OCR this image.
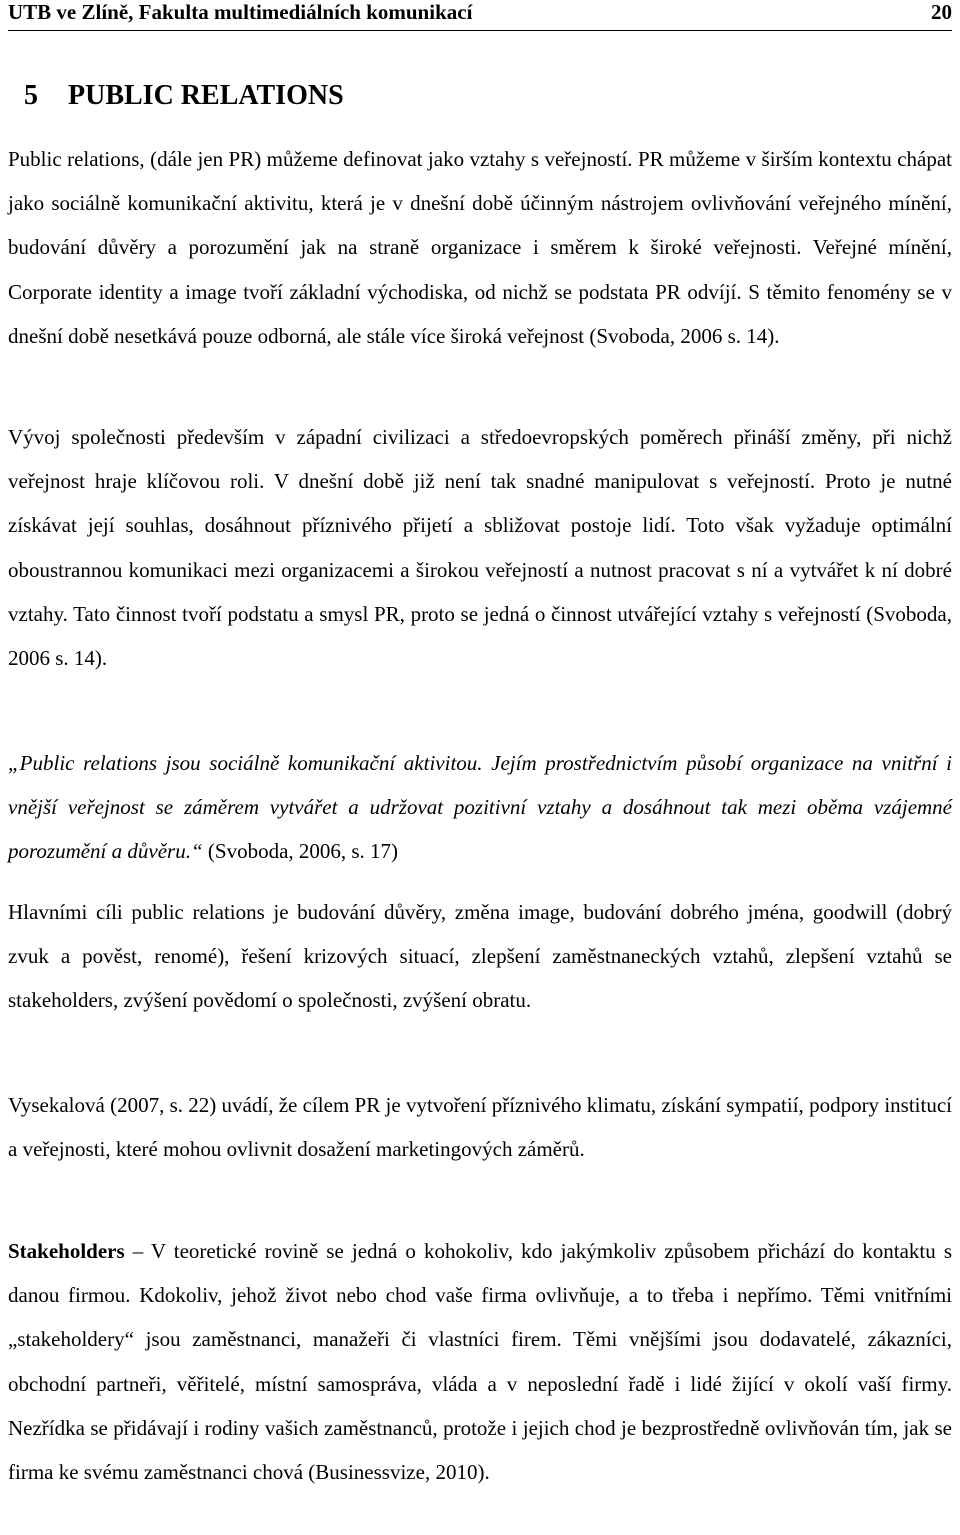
UTB ve Zlíně, Fakulta multimediálních komunikací	20
5 PUBLIC RELATIONS

Public relations, (dále jen PR) můžeme definovat jako vztahy s veřejností. PR můžeme v širším kontextu chápat jako sociálně komunikační aktivitu, která je v dnešní době účinným nástrojem ovlivňování veřejného mínění, budování důvěry a porozumění jak na straně organizace i směrem k široké veřejnosti. Veřejné mínění, Corporate identity a image tvoří základní východiska, od nichž se podstata PR odvíjí. S těmito fenomény se v dnešní době nesetkává pouze odborná, ale stále více široká veřejnost (Svoboda, 2006 s. 14).

Vývoj společnosti především v západní civilizaci a středoevropských poměrech přináší změny, při nichž veřejnost hraje klíčovou roli. V dnešní době již není tak snadné manipulovat s veřejností. Proto je nutné získávat její souhlas, dosáhnout příznivého přijetí a sbližovat postoje lidí. Toto však vyžaduje optimální oboustrannou komunikaci mezi organizacemi a širokou veřejností a nutnost pracovat s ní a vytvářet k ní dobré vztahy. Tato činnost tvoří podstatu a smysl PR, proto se jedná o činnost utvářející vztahy s veřejností (Svoboda, 2006 s. 14).

„Public relations jsou sociálně komunikační aktivitou. Jejím prostřednictvím působí organizace na vnitřní i vnější veřejnost se záměrem vytvářet a udržovat pozitivní vztahy a dosáhnout tak mezi oběma vzájemné porozumění a důvěru.“ (Svoboda, 2006, s. 17)

Hlavními cíli public relations je budování důvěry, změna image, budování dobrého jména, goodwill (dobrý zvuk a pověst, renomé), řešení krizových situací, zlepšení zaměstnaneckých vztahů, zlepšení vztahů se stakeholders, zvýšení povědomí o společnosti, zvýšení obratu.

Vysekalová (2007, s. 22) uvádí, že cílem PR je vytvoření příznivého klimatu, získání sympatií, podpory institucí a veřejnosti, které mohou ovlivnit dosažení marketingových záměrů.

Stakeholders – V teoretické rovině se jedná o kohokoliv, kdo jakýmkoliv způsobem přichází do kontaktu s danou firmou. Kdokoliv, jehož život nebo chod vaše firma ovlivňuje, a to třeba i nepřímo. Těmi vnitřními „stakeholdery“ jsou zaměstnanci, manažeři či vlastníci firem. Těmi vnějšími jsou dodavatelé, zákazníci, obchodní partneři, věřitelé, místní samospráva, vláda a v neposlední řadě i lidé žijící v okolí vaší firmy. Nezřídka se přidávají i rodiny vašich zaměstnanců, protože i jejich chod je bezprostředně ovlivňován tím, jak se firma ke svému zaměstnanci chová (Businessvize, 2010).
